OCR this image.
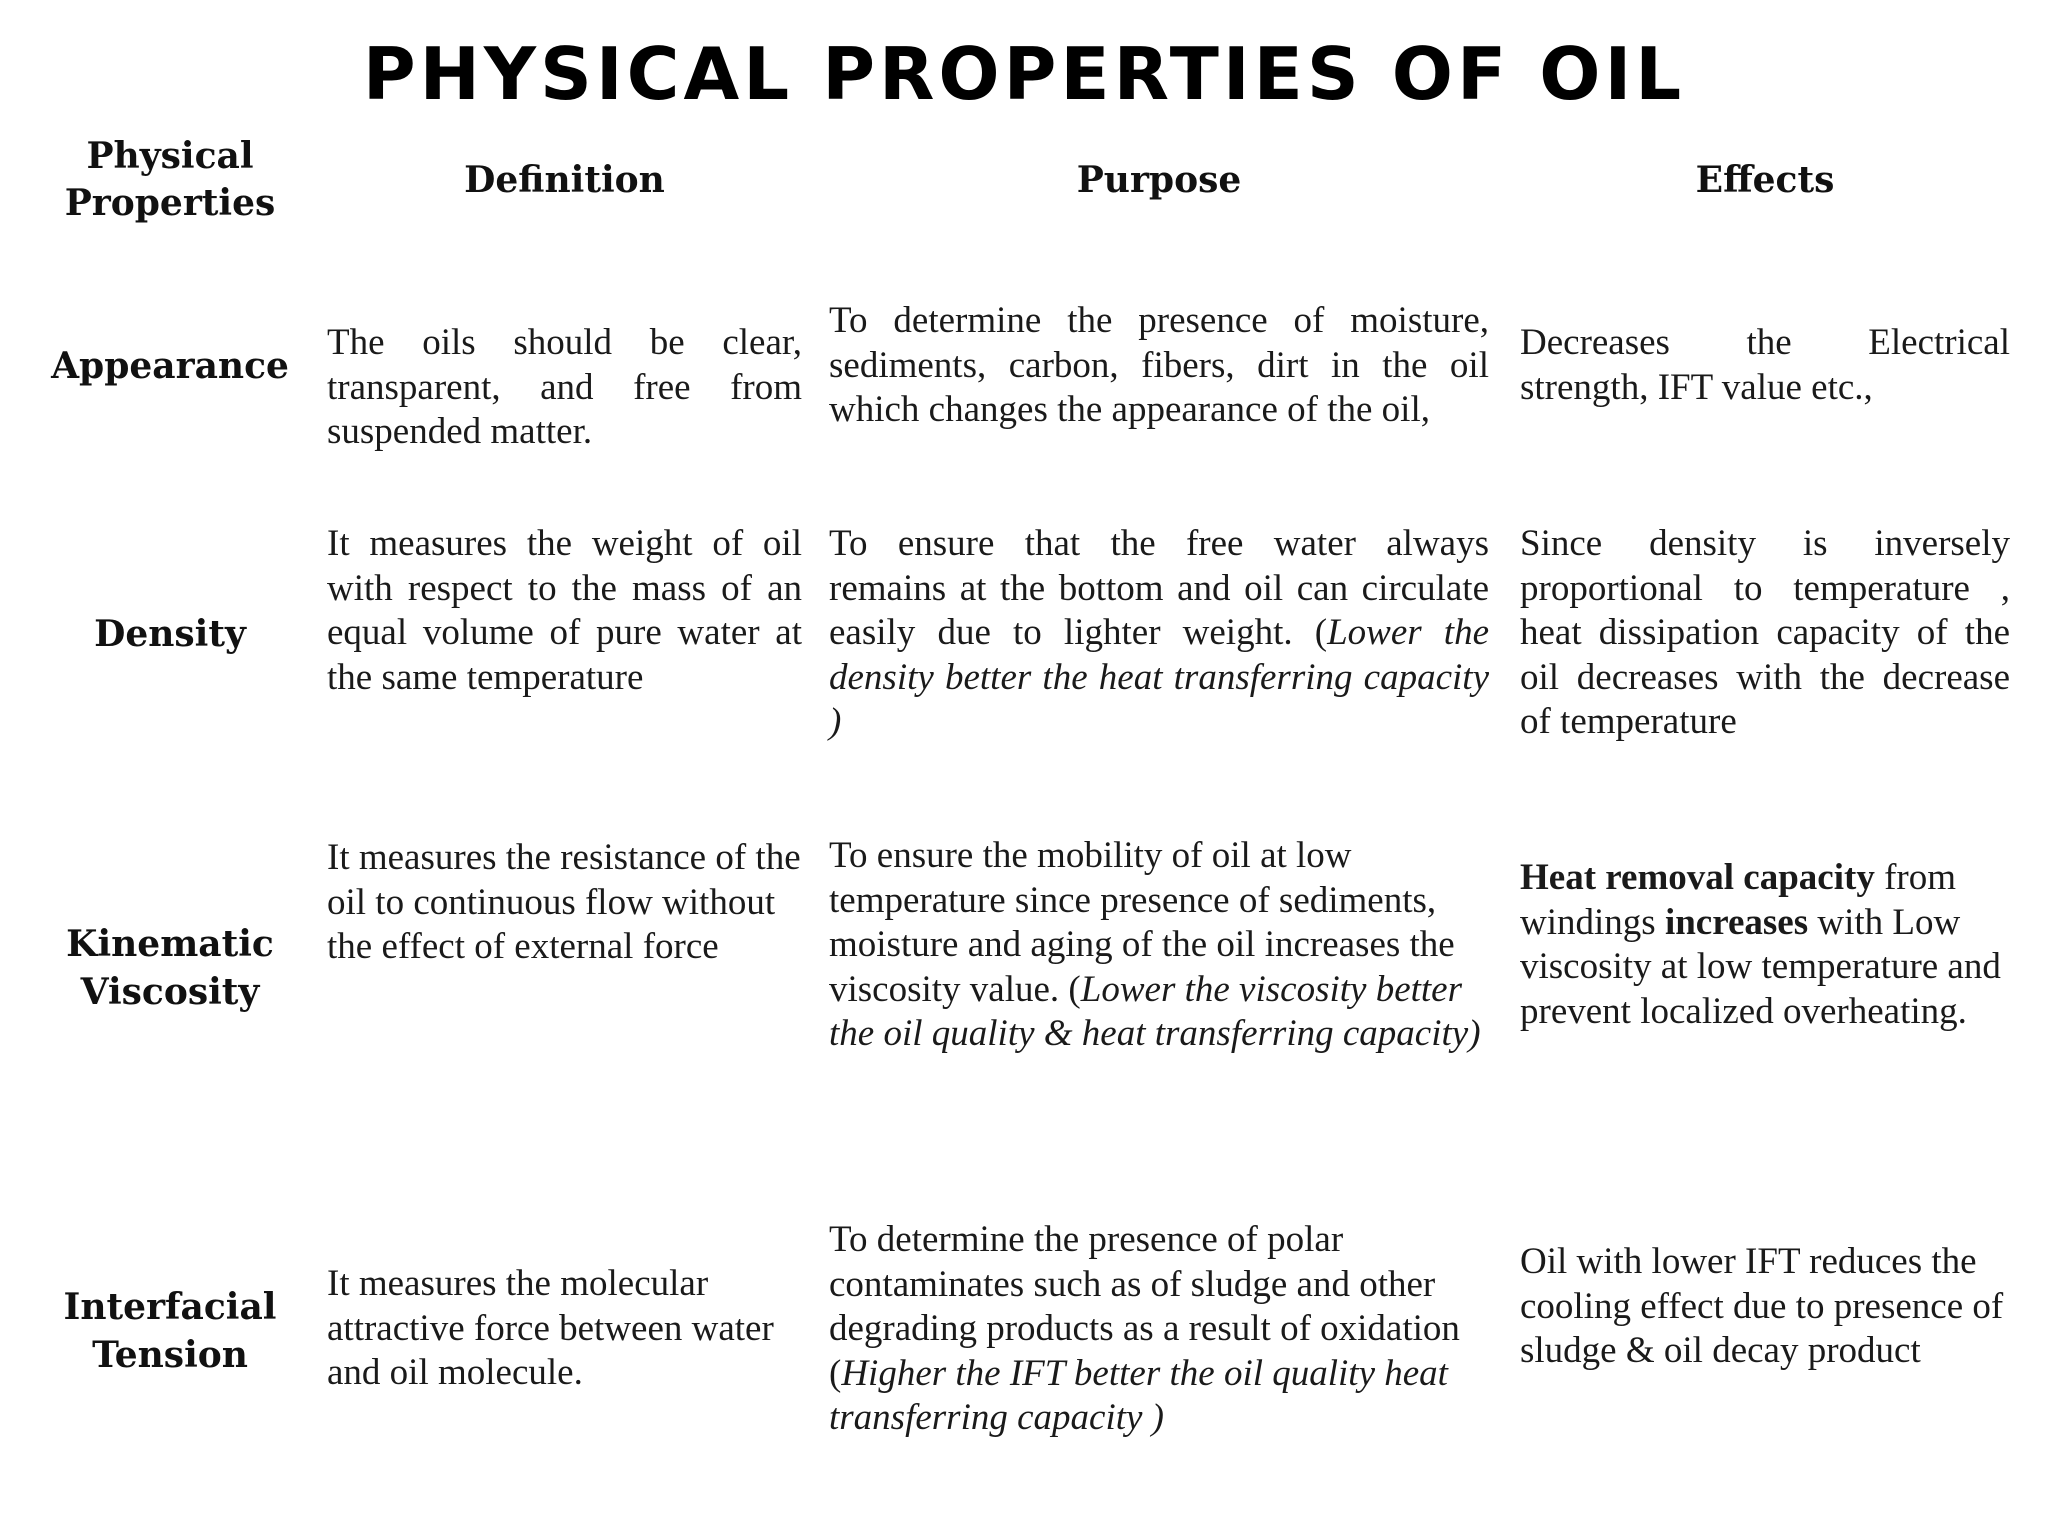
PHYSICAL PROPERTIES OF OIL
Physical Properties
Definition	Purpose	Effects
Appearance
The oils should be clear, transparent, and free from suspended matter.
To determine the presence of moisture, sediments, carbon, fibers, dirt in the oil which changes the appearance of the oil,
Decreases the Electrical strength, IFT value etc.,
Density
It measures the weight of oil with respect to the mass of an equal volume of pure water at the same temperature
To ensure that the free water always remains at the bottom and oil can circulate easily due to lighter weight. (Lower the density better the heat transferring capacity )
Since density is inversely proportional to temperature , heat dissipation capacity of the oil decreases with the decrease of temperature
Kinematic Viscosity
It measures the resistance of the oil to continuous flow without the effect of external force
To ensure the mobility of oil at low temperature since presence of sediments, moisture and aging of the oil increases the viscosity value. (Lower the viscosity better the oil quality & heat transferring capacity)
Heat removal capacity from windings increases with Low viscosity at low temperature and prevent localized overheating.
Interfacial Tension
It measures the molecular attractive force between water and oil molecule.
To determine the presence of polar contaminates such as of sludge and other degrading products as a result of oxidation (Higher the IFT better the oil quality heat transferring capacity )
Oil with lower IFT reduces the cooling effect due to presence of sludge & oil decay product
